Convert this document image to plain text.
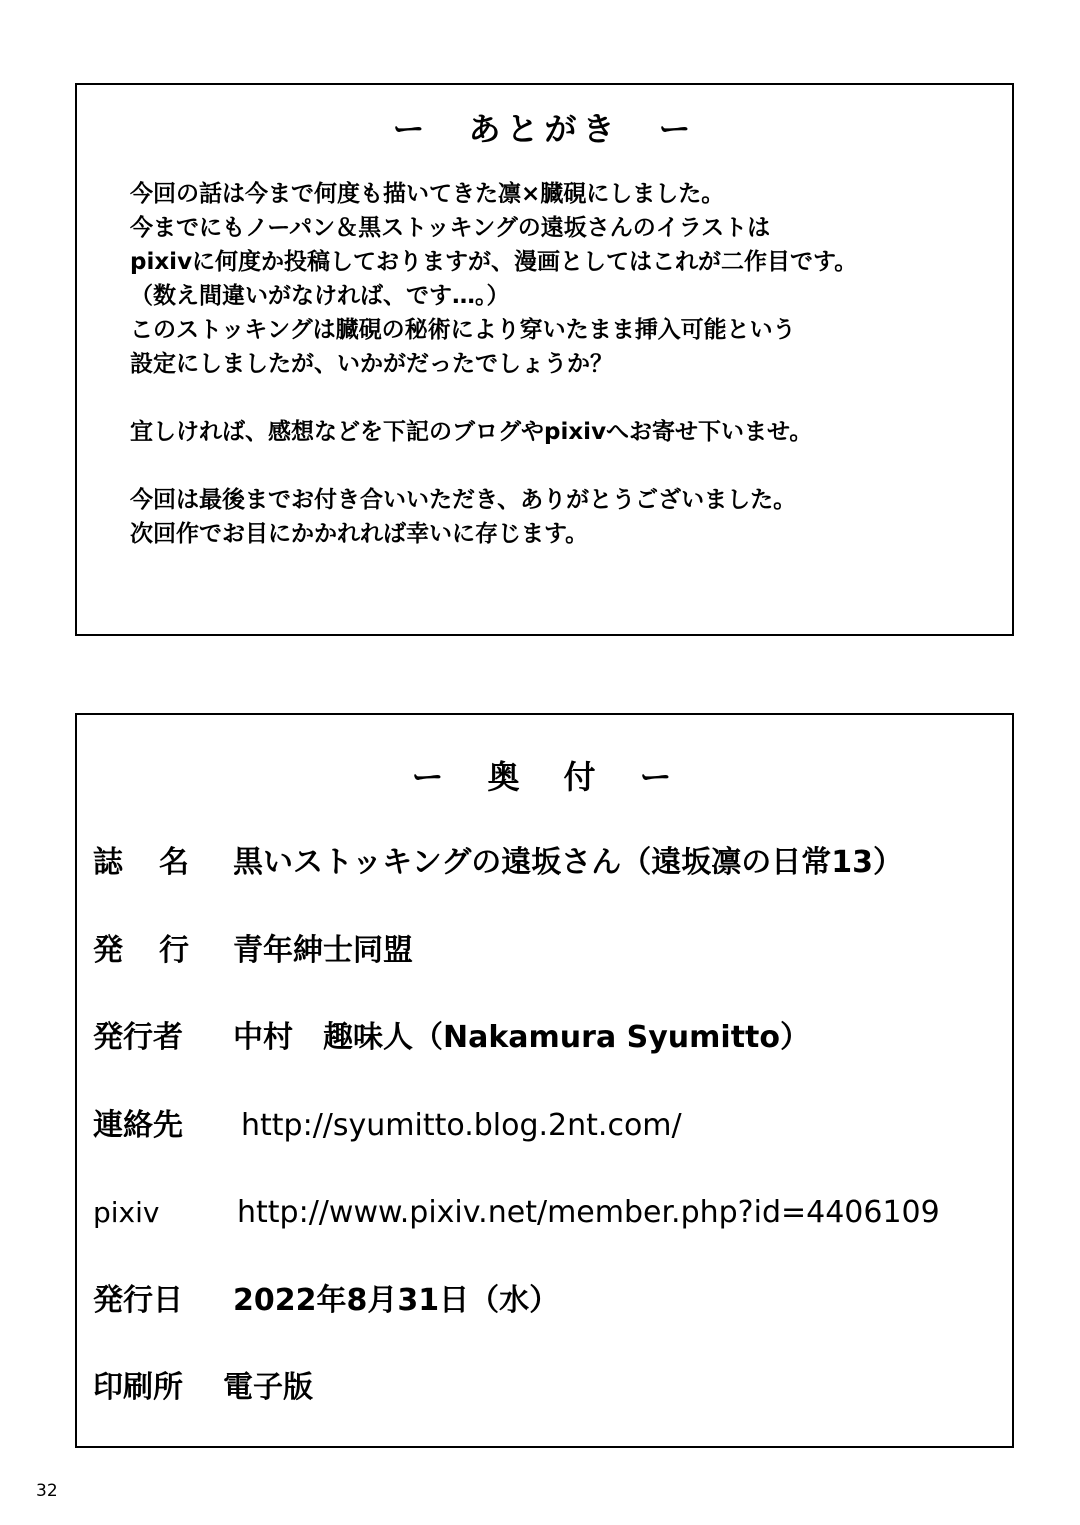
ー　あとがき　ー
今回の話は今まで何度も描いてきた凛×臓硯にしました。
今までにもノーパン＆黒ストッキングの遠坂さんのイラストは
pixivに何度か投稿しておりますが、漫画としてはこれが二作目です。
（数え間違いがなければ、です…。）
このストッキングは臓硯の秘術により穿いたまま挿入可能という
設定にしましたが、いかがだったでしょうか？
宜しければ、感想などを下記のブログやpixivへお寄せ下いませ。
今回は最後までお付き合いいただき、ありがとうございました。
次回作でお目にかかれれば幸いに存じます。
ー　奥　付　ー
誌名 黒いストッキングの遠坂さん（遠坂凛の日常13）
発行 青年紳士同盟
発行者 中村　趣味人（Nakamura Syumitto）
連絡先 http://syumitto.blog.2nt.com/
pixiv	http://www.pixiv.net/member.php?id=4406109
発行日 2022年8月31日（水）
印刷所 電子版
32
